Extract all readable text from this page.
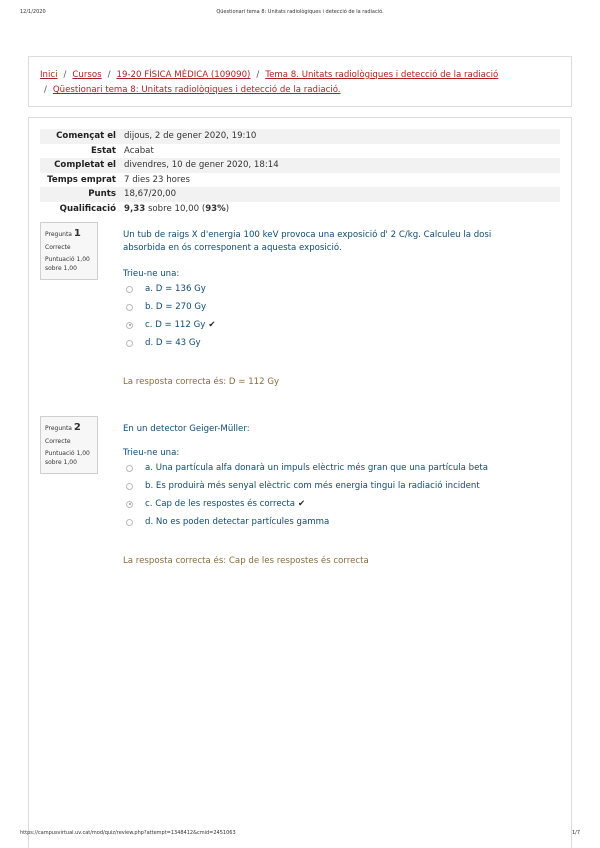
12/1/2020	Qüestionari tema 8: Unitats radiològiques i detecció de la radiació.
Inici / Cursos / 19-20 FÍSICA MÈDICA (109090) / Tema 8. Unitats radiològiques i detecció de la radiació
/ Qüestionari tema 8: Unitats radiològiques i detecció de la radiació.
Començat el	dijous, 2 de gener 2020, 19:10
Estat	Acabat
Completat el	divendres, 10 de gener 2020, 18:14
Temps emprat	7 dies 23 hores
Punts	18,67/20,00
Qualificació	9,33 sobre 10,00 (93%)
Pregunta 1
Correcte
Puntuació 1,00
sobre 1,00
Un tub de raigs X d'energia 100 keV provoca una exposició d' 2 C/kg. Calculeu la dosi absorbida en ós corresponent a aquesta exposició.
Trieu-ne una:
a. D = 136 Gy
b. D = 270 Gy
c. D = 112 Gy ✔
d. D = 43 Gy
La resposta correcta és: D = 112 Gy
Pregunta 2
Correcte
Puntuació 1,00
sobre 1,00
En un detector Geiger-Müller:
Trieu-ne una:
a. Una partícula alfa donarà un impuls elèctric més gran que una partícula beta
b. Es produirà més senyal elèctric com més energia tingui la radiació incident
c. Cap de les respostes és correcta ✔
d. No es poden detectar partícules gamma
La resposta correcta és: Cap de les respostes és correcta
https://campusvirtual.uv.cat/mod/quiz/review.php?attempt=1348412&cmid=2451063	1/7
